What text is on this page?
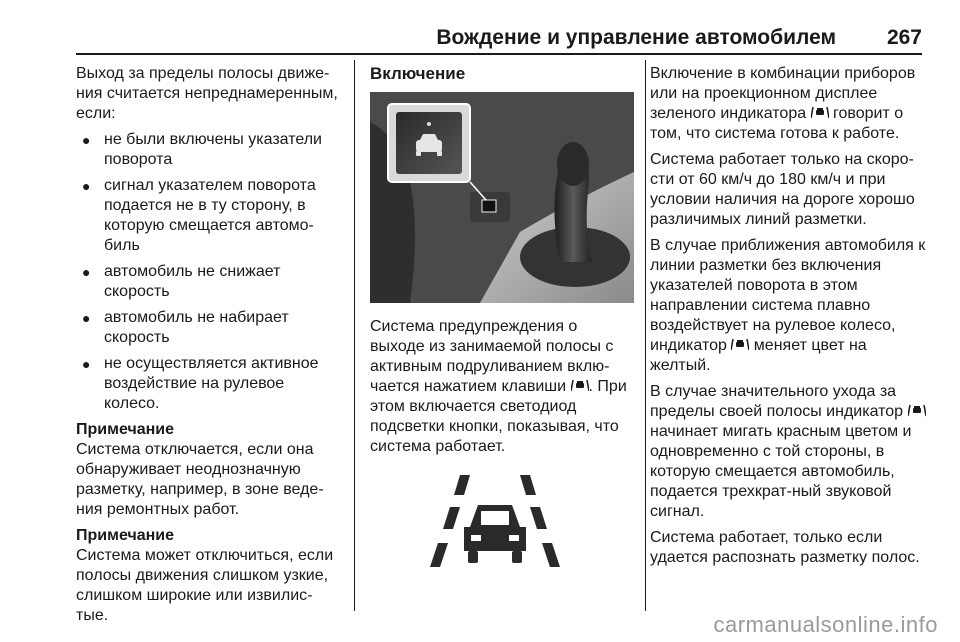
Вождение и управление автомобилем 267

Выход за пределы полосы движе-ния считается непреднамеренным, если:

● не были включены указатели поворота
● сигнал указателем поворота подается не в ту сторону, в которую смещается автомо-биль
● автомобиль не снижает скорость
● автомобиль не набирает скорость
● не осуществляется активное воздействие на рулевое колесо.
Примечание

Система отключается, если она обнаруживает неоднозначную разметку, например, в зоне веде-ния ремонтных работ.

Примечание

Система может отключиться, если полосы движения слишком узкие, слишком широкие или извилис-тые.

Включение

Система предупреждения о выходе из занимаемой полосы с активным подруливанием вклю-чается нажатием клавиши . При этом включается светодиод подсветки кнопки, показывая, что система работает.

Включение в комбинации приборов или на проекционном дисплее зеленого индикатора говорит о том, что система готова к работе.

Система работает только на скоро-сти от 60 км/ч до 180 км/ч и при условии наличия на дороге хорошо различимых линий разметки.

В случае приближения автомобиля к линии разметки без включения указателей поворота в этом направлении система плавно воздействует на рулевое колесо, индикатор меняет цвет на желтый.

В случае значительного ухода за пределы своей полосы индикатор  начинает мигать красным цветом и одновременно с той стороны, в которую смещается автомобиль, подается трехкрат-ный звуковой сигнал.

Система работает, только если удается распознать разметку полос.

carmanualsonline.info
